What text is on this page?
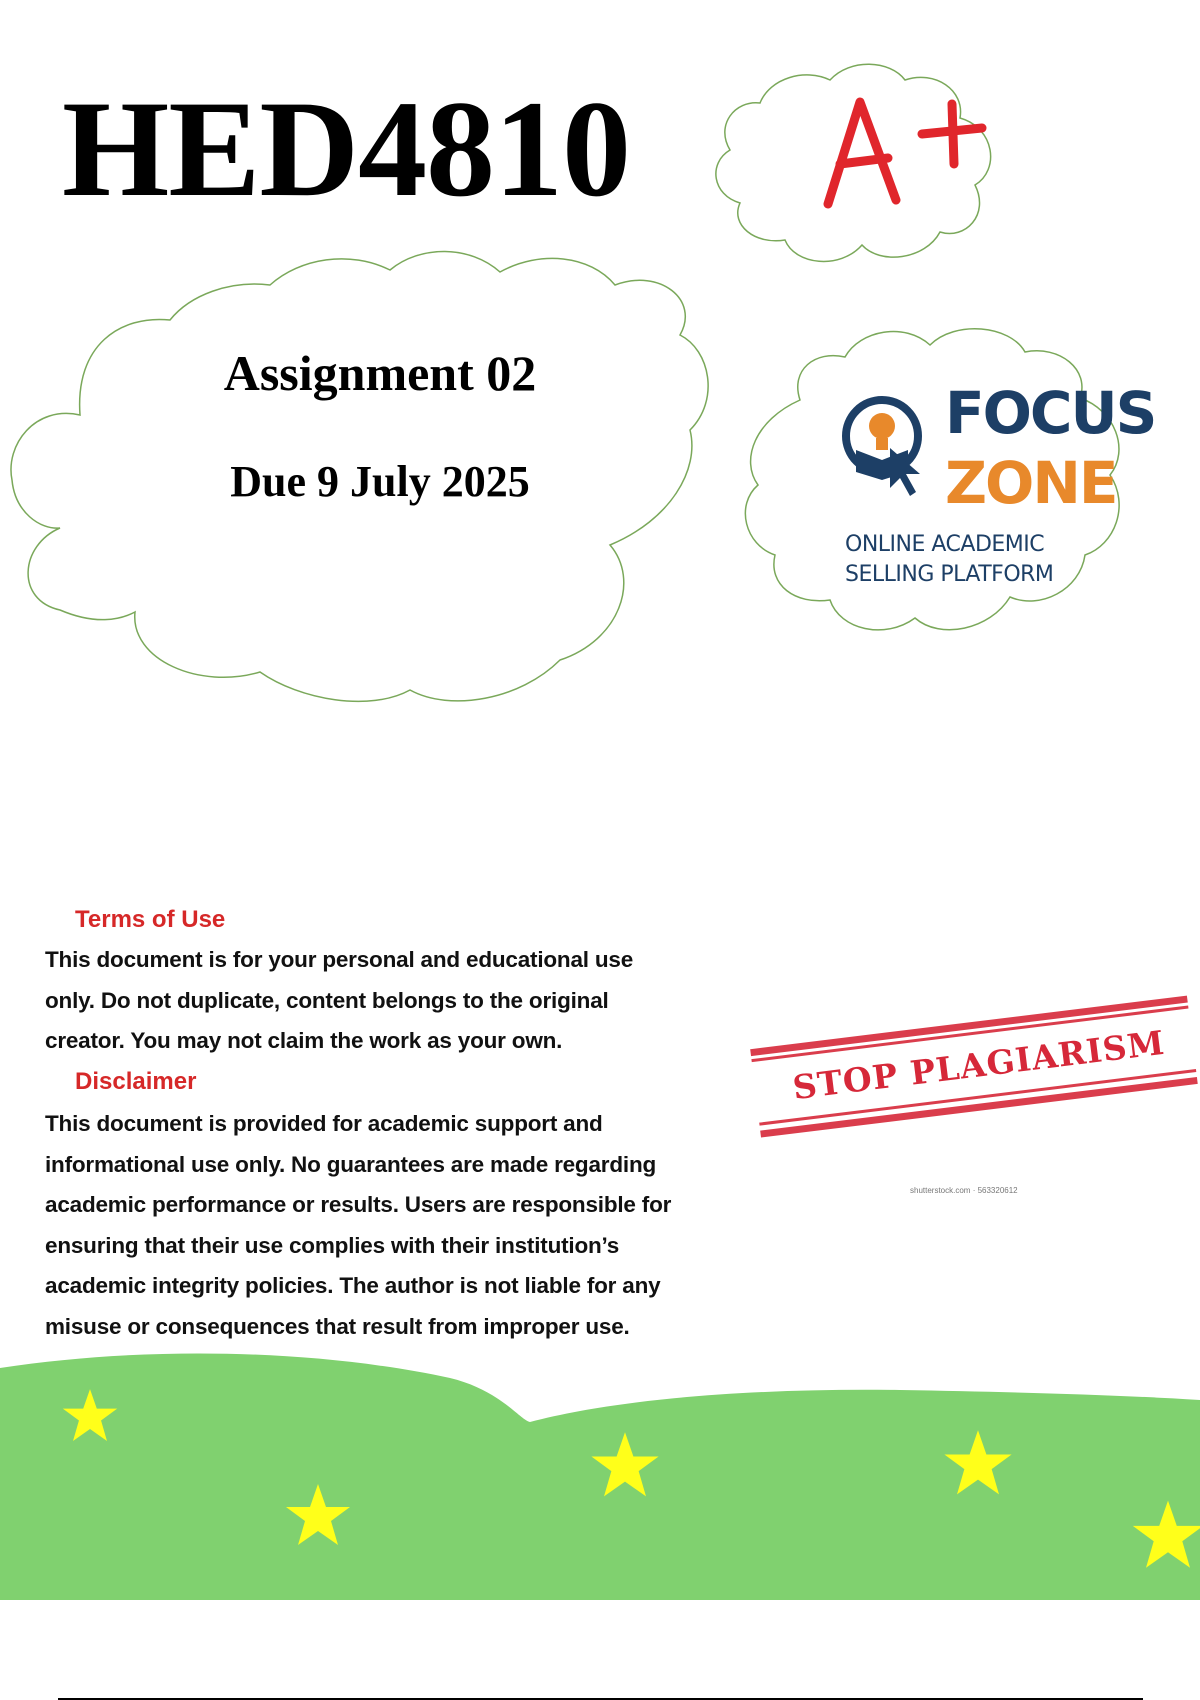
HED4810
Assignment 02
Due 9 July 2025
FOCUS
ZONE
ONLINE ACADEMIC
SELLING PLATFORM
Terms of Use
This document is for your personal and educational use
only. Do not duplicate, content belongs to the original
creator. You may not claim the work as your own.
Disclaimer
This document is provided for academic support and
informational use only. No guarantees are made regarding
academic performance or results. Users are responsible for
ensuring that their use complies with their institution’s
academic integrity policies. The author is not liable for any
misuse or consequences that result from improper use.
STOP PLAGIARISM
shutterstock.com · 563320612
